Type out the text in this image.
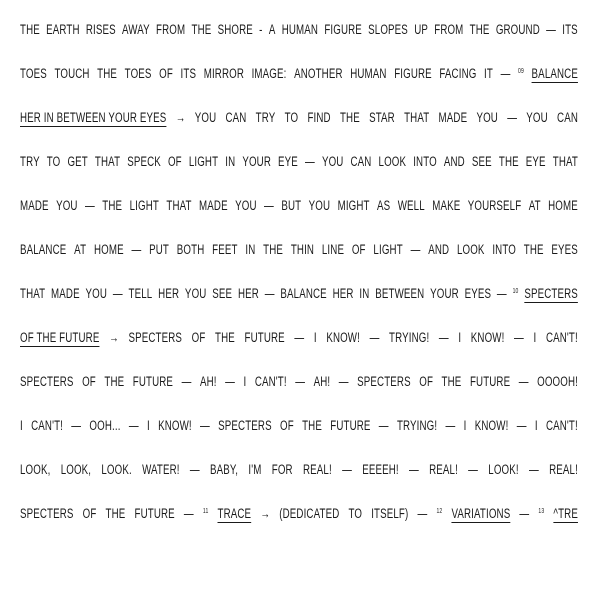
THE EARTH RISES AWAY FROM THE SHORE - A HUMAN FIGURE SLOPES UP FROM THE GROUND — ITS
TOES TOUCH THE TOES OF ITS MIRROR IMAGE: ANOTHER HUMAN FIGURE FACING IT — 09 BALANCE
HER IN BETWEEN YOUR EYES → YOU CAN TRY TO FIND THE STAR THAT MADE YOU — YOU CAN
TRY TO GET THAT SPECK OF LIGHT IN YOUR EYE — YOU CAN LOOK INTO AND SEE THE EYE THAT
MADE YOU — THE LIGHT THAT MADE YOU — BUT YOU MIGHT AS WELL MAKE YOURSELF AT HOME
BALANCE AT HOME — PUT BOTH FEET IN THE THIN LINE OF LIGHT — AND LOOK INTO THE EYES
THAT MADE YOU — TELL HER YOU SEE HER — BALANCE HER IN BETWEEN YOUR EYES — 10 SPECTERS
OF THE FUTURE → SPECTERS OF THE FUTURE — I KNOW! — TRYING! — I KNOW! — I CAN'T!
SPECTERS OF THE FUTURE — AH! — I CAN'T! — AH! — SPECTERS OF THE FUTURE — OOOOH!
I CAN'T! — OOH... — I KNOW! — SPECTERS OF THE FUTURE — TRYING! — I KNOW! — I CAN'T!
LOOK, LOOK, LOOK. WATER! — BABY, I'M FOR REAL! — EEEEH! — REAL! — LOOK! — REAL!
SPECTERS OF THE FUTURE — 11 TRACE → (DEDICATED TO ITSELF) — 12 VARIATIONS — 13 ^TRE
